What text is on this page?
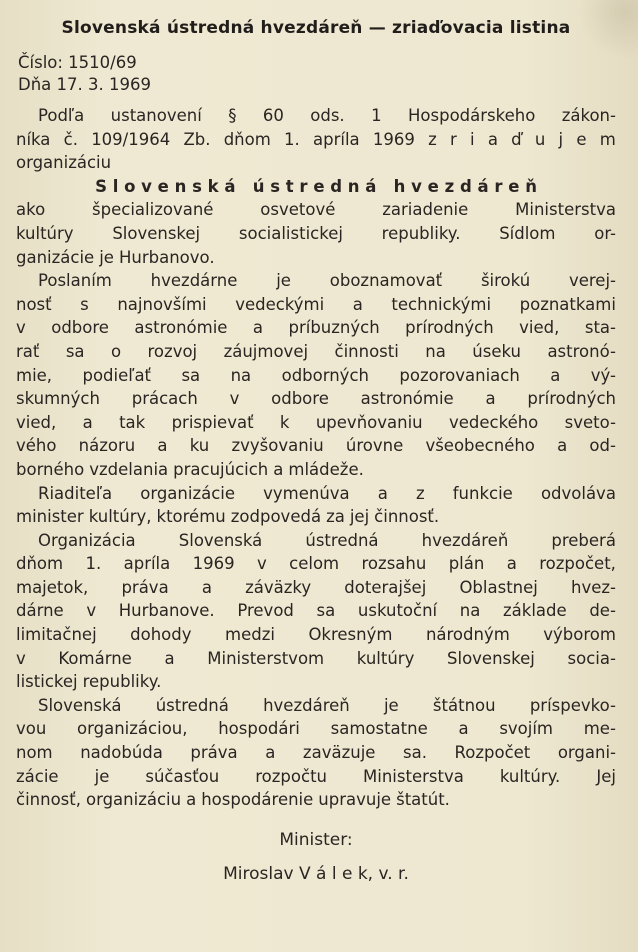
Slovenská ústredná hvezdáreň — zriaďovacia listina
Číslo: 1510/69
Dňa 17. 3. 1969
Podľa ustanovení § 60 ods. 1 Hospodárskeho zákon-
níka č. 109/1964 Zb. dňom 1. apríla 1969 z r i a ď u j e m
organizáciu
S l o v e n s k á   ú s t r e d n á   h v e z d á r e ň
ako	špecializované	osvetové	zariadenie	Ministerstva
kultúry Slovenskej socialistickej republiky. Sídlom or-
ganizácie je Hurbanovo.
Poslaním hvezdárne je oboznamovať širokú verej-
nosť s najnovšími vedeckými a technickými poznatkami
v odbore astronómie a príbuzných prírodných vied, sta-
rať sa o rozvoj záujmovej činnosti na úseku astronó-
mie, podieľať sa na odborných pozorovaniach a vý-
skumných prácach v odbore astronómie a prírodných
vied, a tak prispievať k upevňovaniu vedeckého sveto-
vého názoru a ku zvyšovaniu úrovne všeobecného a od-
borného vzdelania pracujúcich a mládeže.
Riaditeľa organizácie vymenúva a z funkcie odvoláva
minister kultúry, ktorému zodpovedá za jej činnosť.
Organizácia	Slovenská	ústredná	hvezdáreň	preberá
dňom 1. apríla 1969 v celom rozsahu plán a rozpočet,
majetok, práva a záväzky doterajšej Oblastnej hvez-
dárne v Hurbanove. Prevod sa uskutoční na základe de-
limitačnej dohody medzi Okresným národným výborom
v Komárne a Ministerstvom kultúry Slovenskej socia-
listickej republiky.
Slovenská ústredná hvezdáreň je štátnou príspevko-
vou organizáciou, hospodári samostatne a svojím me-
nom nadobúda práva a zaväzuje sa. Rozpočet organi-
zácie je súčasťou rozpočtu Ministerstva kultúry. Jej
činnosť, organizáciu a hospodárenie upravuje štatút.
Minister:
Miroslav V á l e k, v. r.
